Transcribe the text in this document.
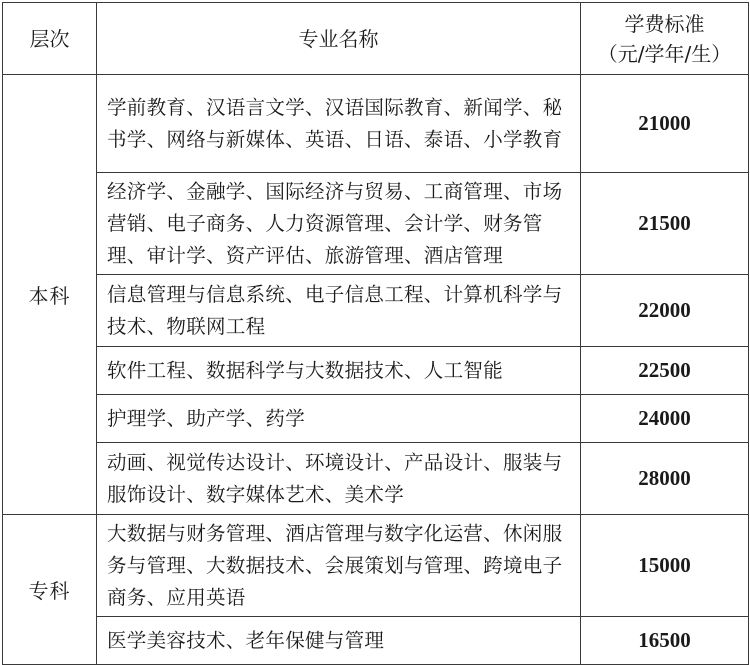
层次	专业名称	学费标准
（元/学年/生）

本科	学前教育、汉语言文学、汉语国际教育、新闻学、秘书学、网络与新媒体、英语、日语、泰语、小学教育	21000
	经济学、金融学、国际经济与贸易、工商管理、市场营销、电子商务、人力资源管理、会计学、财务管理、审计学、资产评估、旅游管理、酒店管理	21500
	信息管理与信息系统、电子信息工程、计算机科学与技术、物联网工程	22000
	软件工程、数据科学与大数据技术、人工智能	22500
	护理学、助产学、药学	24000
	动画、视觉传达设计、环境设计、产品设计、服装与服饰设计、数字媒体艺术、美术学	28000
专科	大数据与财务管理、酒店管理与数字化运营、休闲服务与管理、大数据技术、会展策划与管理、跨境电子商务、应用英语	15000
	医学美容技术、老年保健与管理	16500
